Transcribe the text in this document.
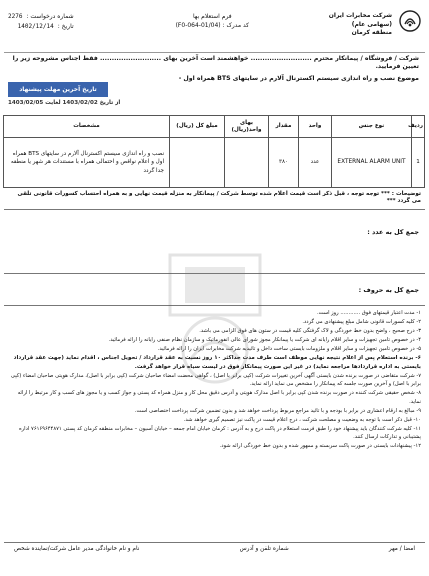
شرکت مخابرات ایران
(سهامی عام)
منطقه کرمان
فرم استعلام بها
کد مدرک : (F0-064-01/04)
شماره درخواست :
2276
تاریخ :
1402/12/14

شرکت / فروشگاه / پیمانکار محترم .......................... خواهشمند است آخرین بهای .......................... فقط اجناس مشروحه زیر را تعیین فرمایید.

موضوع نصب و راه اندازی سیستم اکسترنال آلارم در سایتهای BTS همراه اول -

تاریخ آخرین مهلت پیشنهاد
از تاریخ 1403/02/02 لغایت 1403/02/05
ردیف	نوع جنس	واحد	مقدار	بهای واحد(ریال)	مبلغ کل (ریال)	مشخصات
1	EXTERNAL ALARM UNIT	عدد	۳۸۰			نصب و راه اندازی سیستم اکسترنال آلارم در سایتهای BTS همراه اول و اعلام نواقص و احتمالی همراه با مستندات هر شهر یا منطقه جدا گردد
توضیحات : *** توجه توجه ، قبل ذکر است قیمت اعلام شده توسط شرکت / پیمانکار به منزله قیمت نهایی و به همراه احتساب کسورات قانونی تلقی می گردد ***
جمع کل به عدد :
جمع کل به حروف :
۱- مدت اعتبار قیمتهای فوق ............ روز است.
۲- کلیه کسورات قانونی شامل مبلغ پیشنهادی می گردد.
۳- درج صحیح ، واضح بدون خط خوردگی و لاک گرفتگی کلیه قیمت در ستون های فوق الزامی می باشد.
۴- در خصوص تامین تجهیزات و سایر اقلام رایانه ای شرکت یا پیمانکار مجوز شورای عالی انفورماتیک و سازمان نظام صنفی رایانه را ارائه فرمائید.
۵- در خصوص تامین تجهیزات و سایر اقلام و ملزومات بایستی ساخت داخل و تائیدیه شرکت مخابرات ایران را ارائه فرمائید.
۶- برنده استعلام پس از اعلام نتیجه نهایی موظف است طرف مدت حداکثر ۱۰ روز نسبت به عقد قرارداد / تحویل اجناس ، اقدام نماید (جهت عقد قرارداد بایستی به اداره قراردادها مراجعه نماید) در غیر این صورت پیمانکار فوق در لیست سیاه قرار خواهد گرفت.
۷- شرکت متقاضی در صورت برنده شدن بایستی آگهی آخرین تغییرات شرکت (کپی برابر با اصل) ، گواهی محضت امضاء صاحبان شرکت (کپی برابر با اصل)، مدارک هویتی صاحبان امضاء (کپی برابر با اصل) و آخرین صورت جلسه که پیمانکار را مشخص می نماید ارائه نماید.
۸- شخص حقیقی شرکت کننده در صورت برنده شدن کپی برابر با اصل مدارک هویتی و آدرس دقیق محل کار و منزل همراه کد پستی و جواز کسب و یا مجوز های کسب و کار مرتبط را ارائه نماید.
۹- مبالغ به ارقام اعشاری در برابر با بودجه و با تائید مراجع مربوط پرداخت خواهد شد و بدون تضمین شرکت پرداخت اختصاصی است.
۱۰- قبل ذکر است با توجه به وضعیت و مصلحت شرکت ، درج اعلام قیمت در پاکت نیز تصمیم گیری خواهد شد.
۱۱- کلیه شرکت کنندگان باید پیشنهاد خود را طبق فرمت استعلام در پاکت درج و به آدرس : کرمان خیابان امام جمعه – خیابان آسیون – مخابرات منطقه کرمان کد پستی ۷۶۱۶۹۶۴۴۸۷۱ اداره پشتیبانی و تدارکات ارسال کنند.
۱۲- پیشنهادات بایستی در صورت پاکت سربسته و ممهور شده و بدون خط خوردگی ارائه شود.
امضا / مهر
شماره تلفن و آدرس
نام و نام خانوادگی مدیر عامل شرکت/نماینده شخص
